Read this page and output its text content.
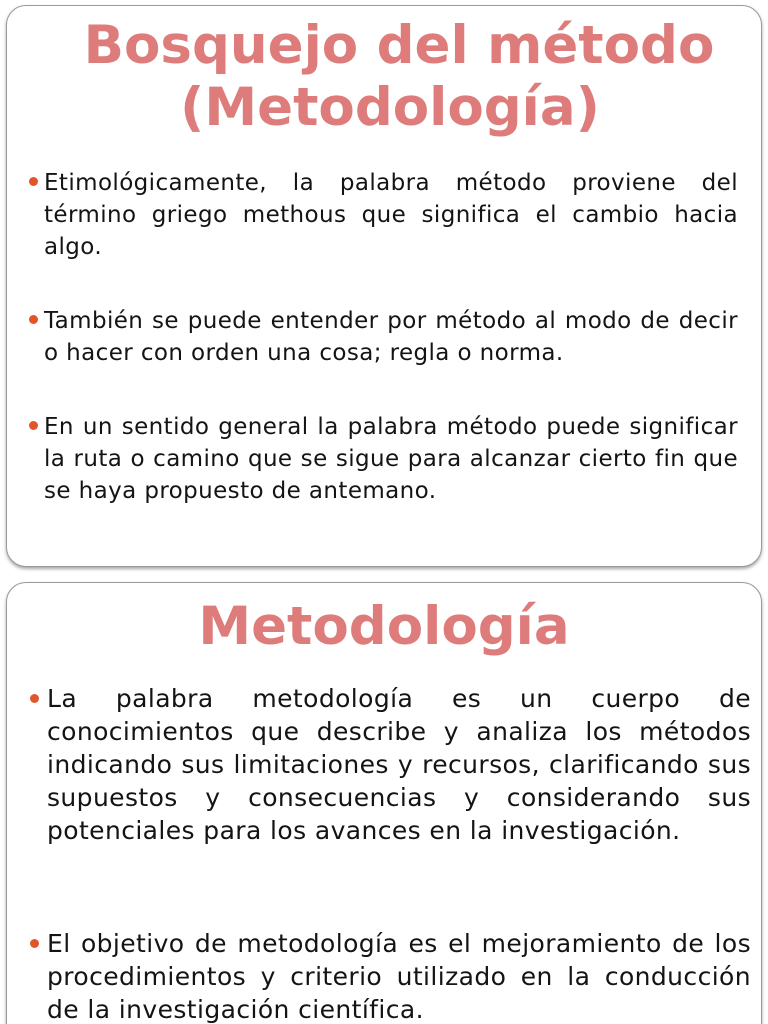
Bosquejo del método
(Metodología)
Etimológicamente, la palabra método proviene del término griego methous que significa el cambio hacia algo.
También se puede entender por método al modo de decir o hacer con orden una cosa; regla o norma.
En un sentido general la palabra método puede significar la ruta o camino que se sigue para alcanzar cierto fin que se haya propuesto de antemano.
Metodología
La palabra metodología es un cuerpo de conocimientos que describe y analiza los métodos indicando sus limitaciones y recursos, clarificando sus supuestos y consecuencias y considerando sus potenciales para los avances en la investigación.
El objetivo de metodología es el mejoramiento de los procedimientos y criterio utilizado en la conducción de la investigación científica.
